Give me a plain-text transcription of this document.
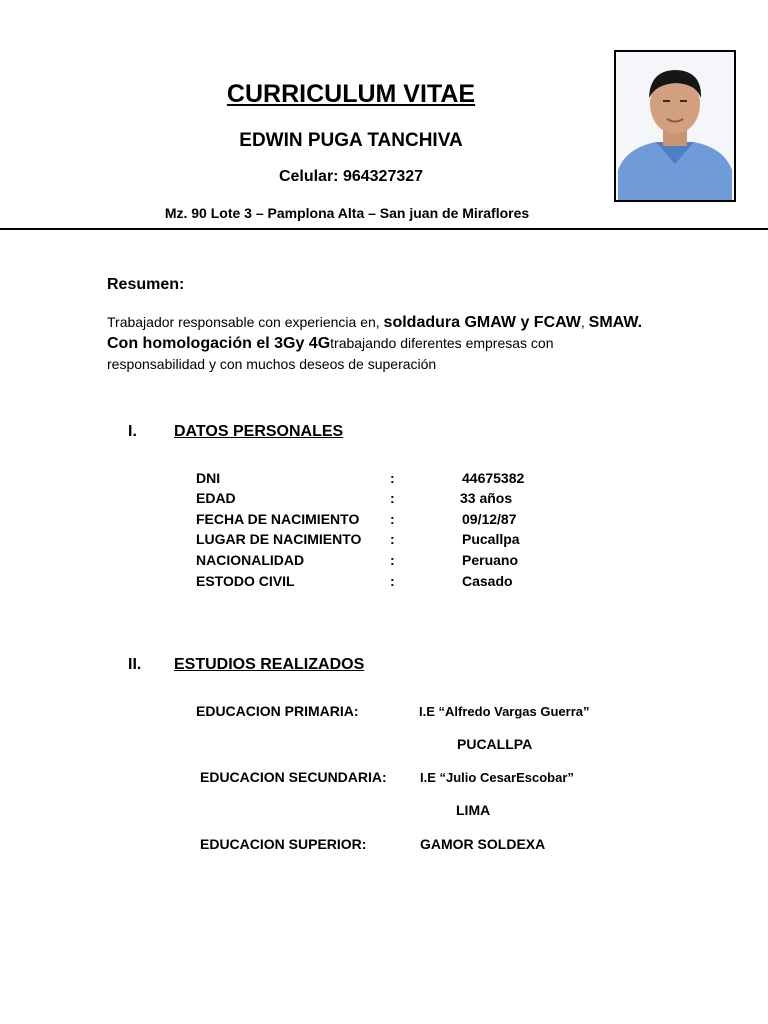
CURRICULUM VITAE
EDWIN PUGA TANCHIVA
Celular: 964327327
Mz. 90 Lote 3 – Pamplona Alta – San juan de Miraflores
Resumen:
Trabajador responsable con experiencia en, soldadura GMAW y FCAW, SMAW. Con homologación el 3Gy 4Gtrabajando diferentes empresas con responsabilidad y con muchos deseos de superación
I. DATOS PERSONALES
DNI	:	44675382
EDAD	:	33 años
FECHA DE NACIMIENTO :	09/12/87
LUGAR DE NACIMIENTO :	Pucallpa
NACIONALIDAD	:	Peruano
ESTODO CIVIL	:	Casado
II. ESTUDIOS REALIZADOS
EDUCACION PRIMARIA:	I.E “Alfredo Vargas Guerra”
PUCALLPA
EDUCACION SECUNDARIA:	I.E “Julio CesarEscobar”
LIMA
EDUCACION SUPERIOR:	GAMOR SOLDEXA
